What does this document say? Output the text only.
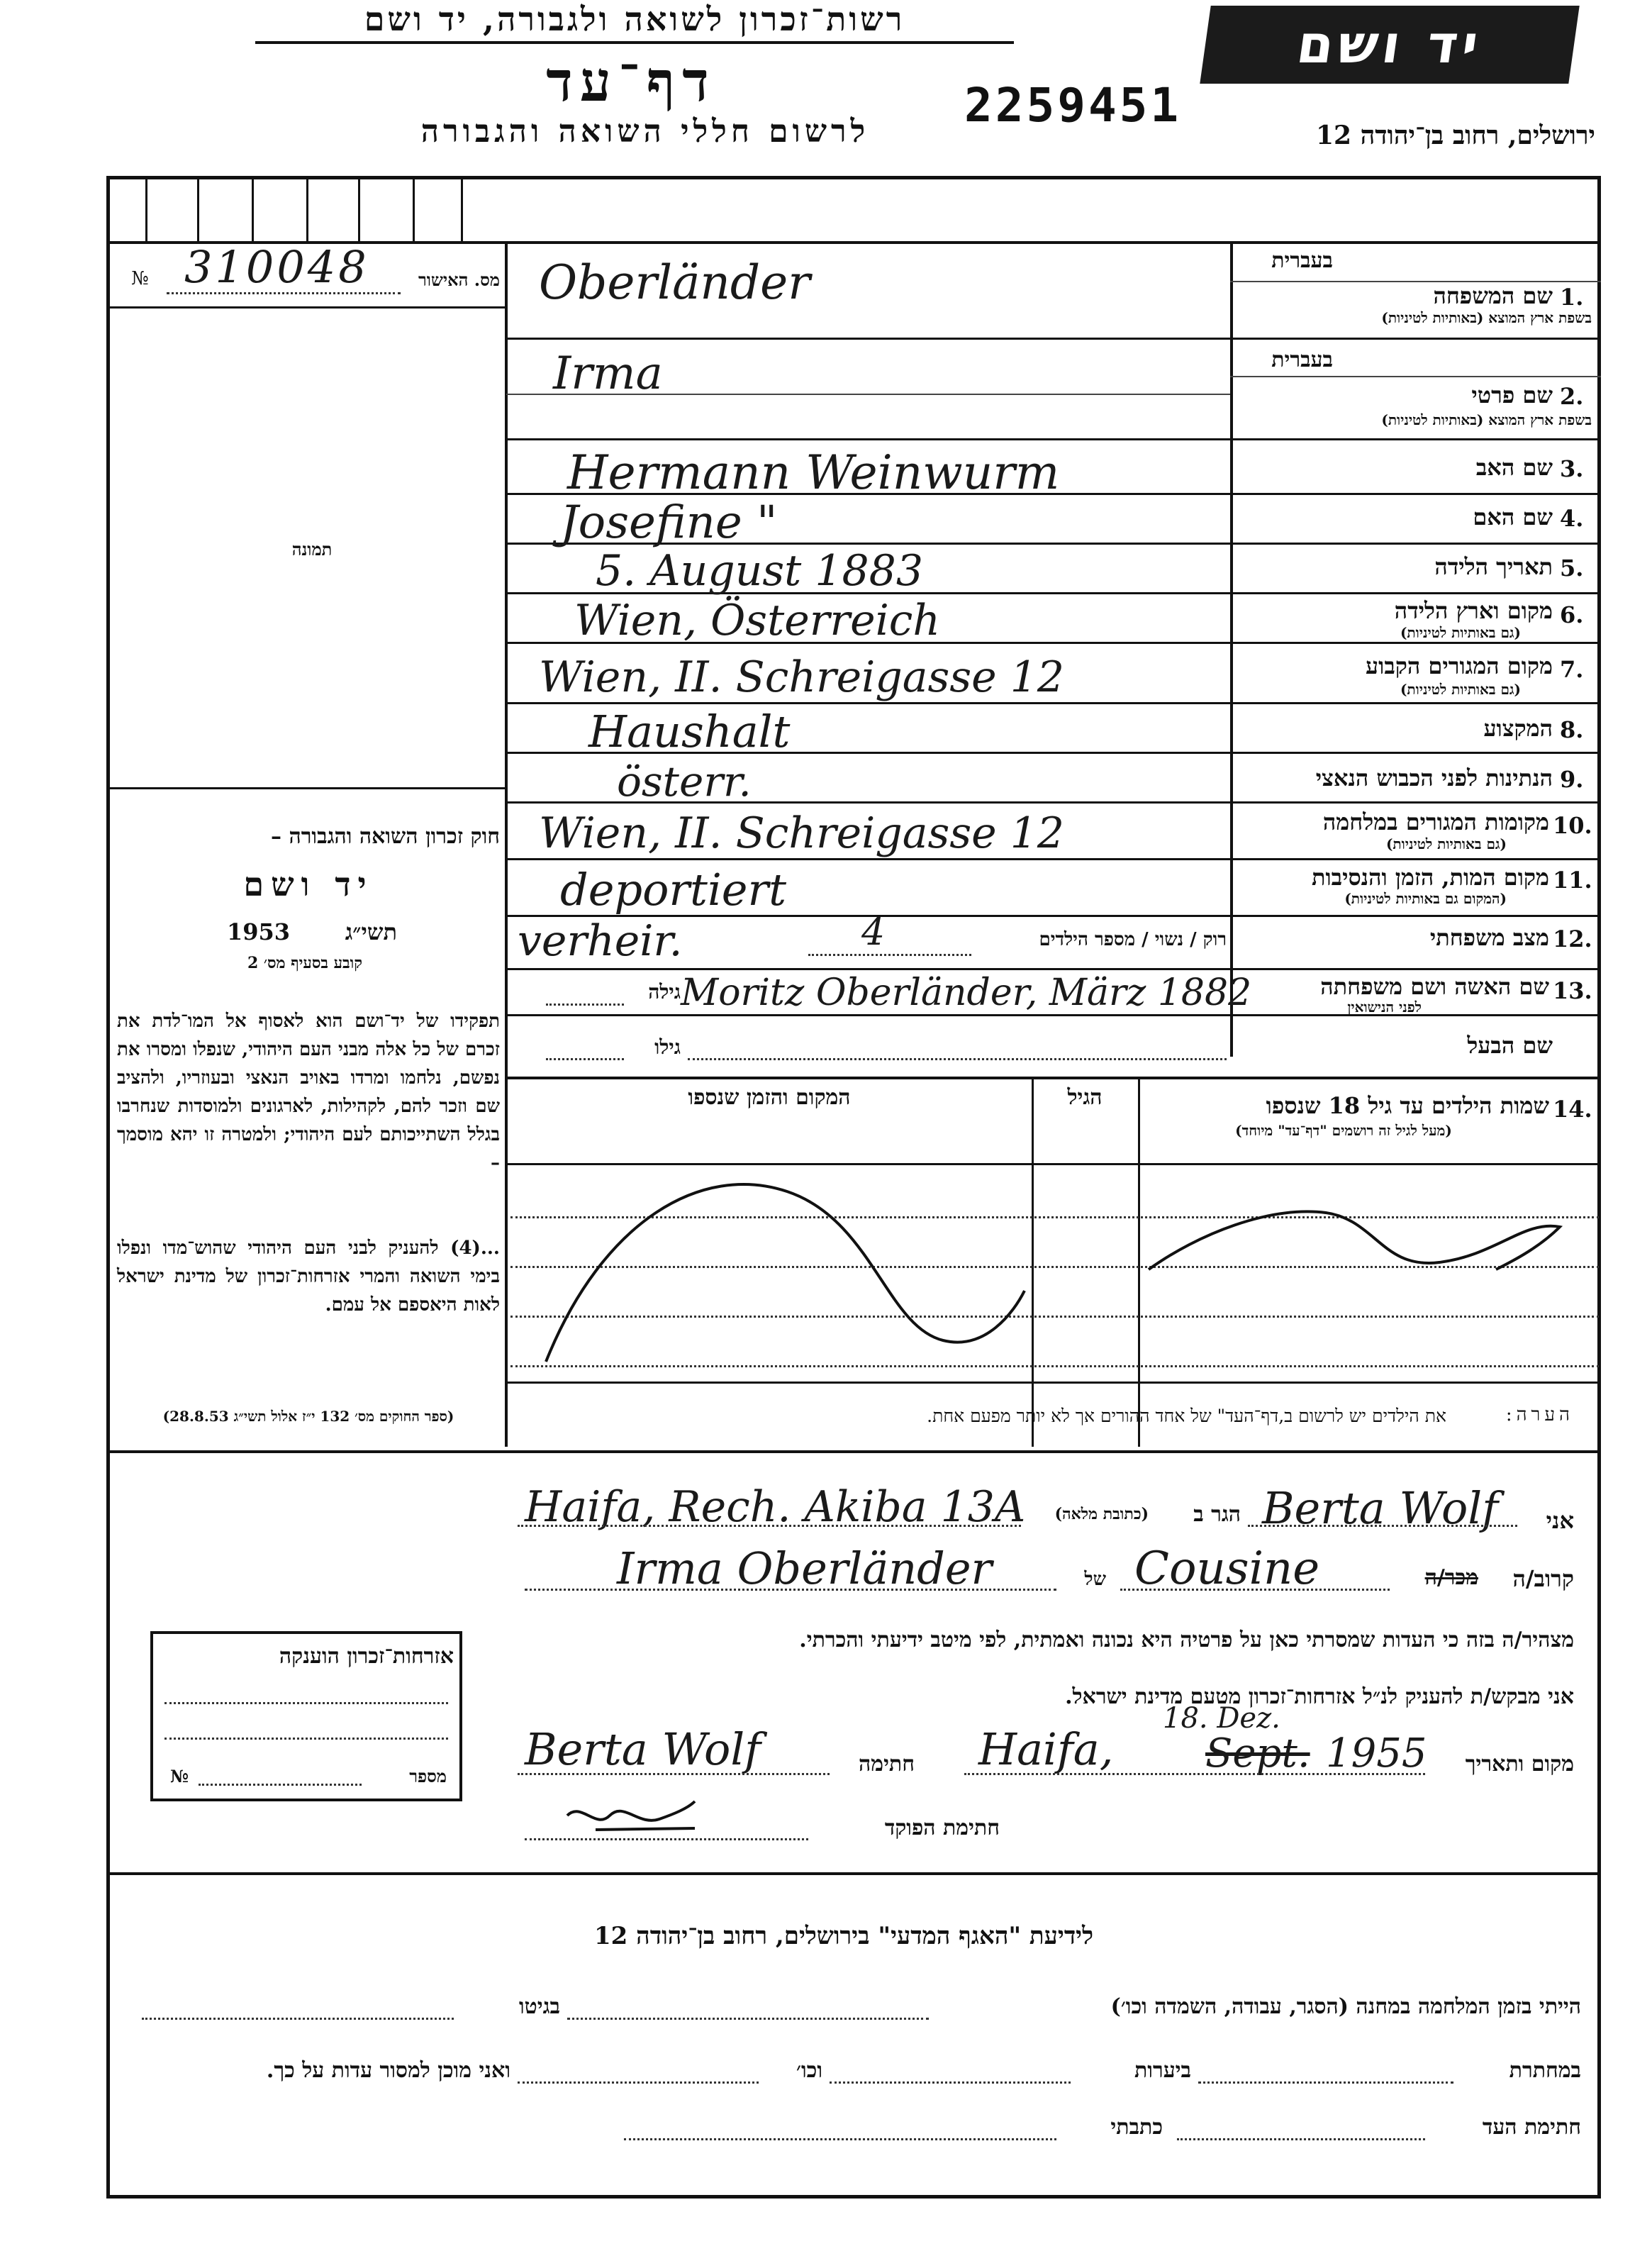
רשות־זכרון לשואה ולגבורה, יד ושם	יד ושם
דף־עד	2259451
לרשום חללי השואה והגבורה	ירושלים, רחוב בן־יהודה 12
№ 310048	מס. האישור
תמונה
חוק זכרון השואה והגבורה –
יד ושם
1953	תשי״ג
קובע בסעיף מס׳ 2
תפקידו של יד־ושם הוא לאסוף אל המו־לדת את זכרם של כל אלה מבני העם היהודי, שנפלו ומסרו את נפשם, נלחמו ומרדו באויב הנאצי ובעוזריו, ולהציב שם וזכר להם, לקהילות, לארגונים ולמוסדות שנחרבו בגלל השתייכותם לעם היהודי; ולמטרה זו יהא מוסמך –
...(4) להעניק לבני העם היהודי שהוש־מדו ונפלו בימי השואה והמרי אזרחות־זכרון של מדינת ישראל לאות היאספם אל עמם.
(ספר החוקים מס׳ 132 י״ז אלול תשי״ג 28.8.53)
בעברית
1.
שם המשפחה
בשפת ארץ המוצא (באותיות לטיניות)
Oberländer
בעברית
2.
שם פרטי
בשפת ארץ המוצא (באותיות לטיניות)
Irma
3.
שם האב
Hermann Weinwurm
4.
שם האם
Josefine "
5.
תאריך הלידה
5. August 1883
6.
מקום וארץ הלידה
(גם באותיות לטיניות)
Wien, Österreich
7.
מקום המגורים הקבוע
(גם באותיות לטיניות)
Wien, II. Schreigasse 12
8.
המקצוע
Haushalt
9.
הנתינות לפני הכבוש הנאצי
österr.
10.
מקומות המגורים במלחמה
(גם באותיות לטיניות)
Wien, II. Schreigasse 12
11.
מקום המות, הזמן והנסיבות
(המקום גם באותיות לטיניות)
deportiert
12.
מצב משפחתי
רוק / נשוי / מספר הילדים
4
verheir.
13.
שם האשה ושם משפחתה
לפני הנישואין
גילה Moritz Oberländer, März 1882
שם הבעל
גילו
14.
שמות הילדים עד גיל 18 שנספו
(מעל לגיל זה רושמים "דף־עד" מיוחד)
הגיל
המקום והזמן שנספו
הערה:
את הילדים יש לרשום ב,דף־העד" של אחד ההורים אך לא יותר מפעם אחת.
אני
Berta Wolf
הגר ב
(כתובת מלאה)
Haifa, Rech. Akiba 13A
קרוב/ה
מכר/ה
Cousine
של
Irma Oberländer
מצהיר/ה בזה כי העדות שמסרתי כאן על פרטיה היא נכונה ואמתית, לפי מיטב ידיעתי והכרתי.
אני מבקש/ת להעניק לנ״ל אזרחות־זכרון מטעם מדינת ישראל.
מקום ותאריך
Haifa, Sept.
18. Dez.
1955
חתימה
Berta Wolf
חתימת הפוקד
אזרחות־זכרון הוענקה
מספר
№
לידיעת "האגף המדעי" בירושלים, רחוב בן־יהודה 12
הייתי בזמן המלחמה במחנה (הסגר, עבודה, השמדה וכו׳)
בגיטו
במחתרת
ביערות
וכו׳
ואני מוכן למסור עדות על כך.
חתימת העד
כתבתי
